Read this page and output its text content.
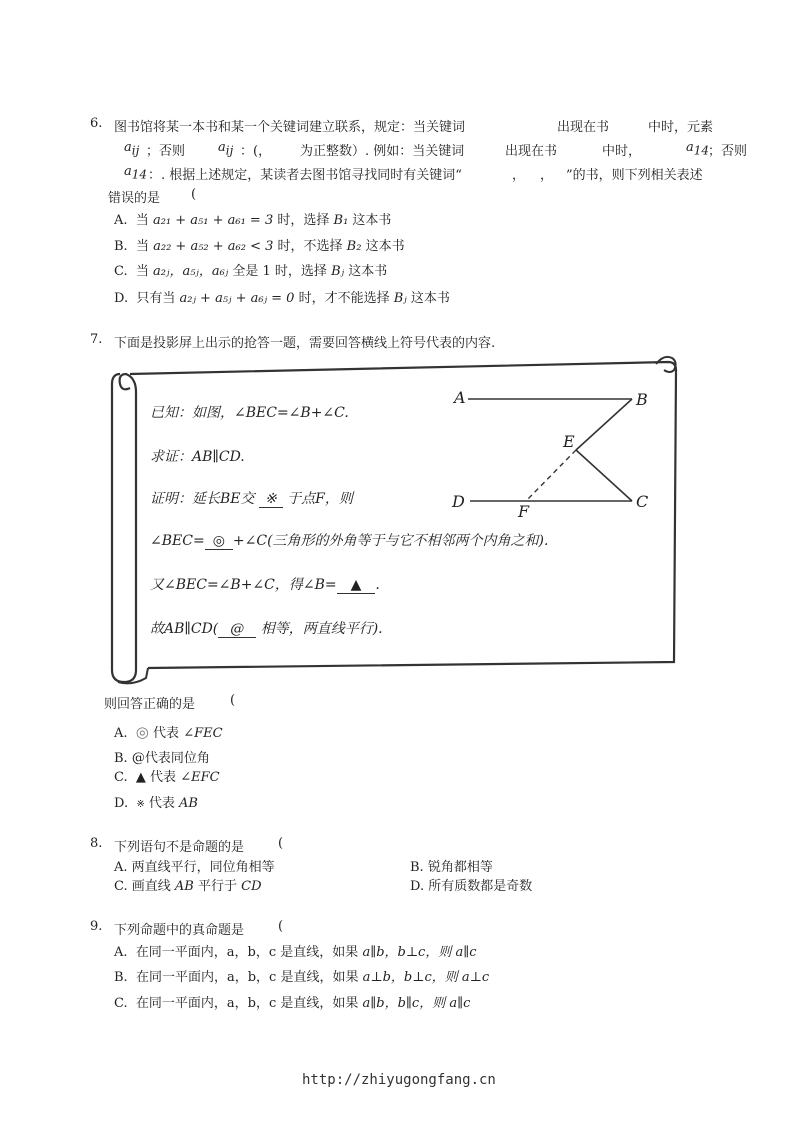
6. 图书馆将某一本书和某一个关键词建立联系，规定：当关键词	出现在书	中时，元素
$a_{ij}$ ；否则	$a_{ij}$ ：(， 为正整数）. 例如：当关键词	出现在书	中时，	$a_{14}$
；否则
$a_{14}$ ：. 根据上述规定，某读者去图书馆寻找同时有关键词“	， ， ”的书，则下列相关表述
错误的是 (
A. 当 a₂₁ + a₅₁ + a₆₁ = 3 时，选择 B₁ 这本书
B. 当 a₂₂ + a₅₂ + a₆₂ < 3 时，不选择 B₂ 这本书
C. 当 a₂ⱼ，a₅ⱼ，a₆ⱼ 全是 1 时，选择 Bⱼ 这本书
D. 只有当 a₂ⱼ + a₅ⱼ + a₆ⱼ = 0 时，才不能选择 Bⱼ 这本书
7. 下面是投影屏上出示的抢答一题，需要回答横线上符号代表的内容.
A	B
E
D
F
C
已知：如图，∠BEC=∠B+∠C.
求证：AB∥CD.
证明：延长BE交 ※ 于点F，则
∠BEC= ◎ +∠C(三角形的外角等于与它不相邻两个内角之和).
又∠BEC=∠B+∠C，得∠B= ▲ .
故AB∥CD( @ 相等，两直线平行).
则回答正确的是	(
A. ◎ 代表 ∠FEC
B. @代表同位角
C. ▲ 代表 ∠EFC
D. ※ 代表 AB
8. 下列语句不是命题的是	(
A. 两直线平行，同位角相等	B. 锐角都相等
C. 画直线 AB 平行于 CD	D. 所有质数都是奇数
9. 下列命题中的真命题是	(
A. 在同一平面内，a，b，c 是直线，如果 a∥b，b⊥c，则 a∥c
B. 在同一平面内，a，b，c 是直线，如果 a⊥b，b⊥c，则 a⊥c
C. 在同一平面内，a，b，c 是直线，如果 a∥b，b∥c，则 a∥c
http://zhiyugongfang.cn
